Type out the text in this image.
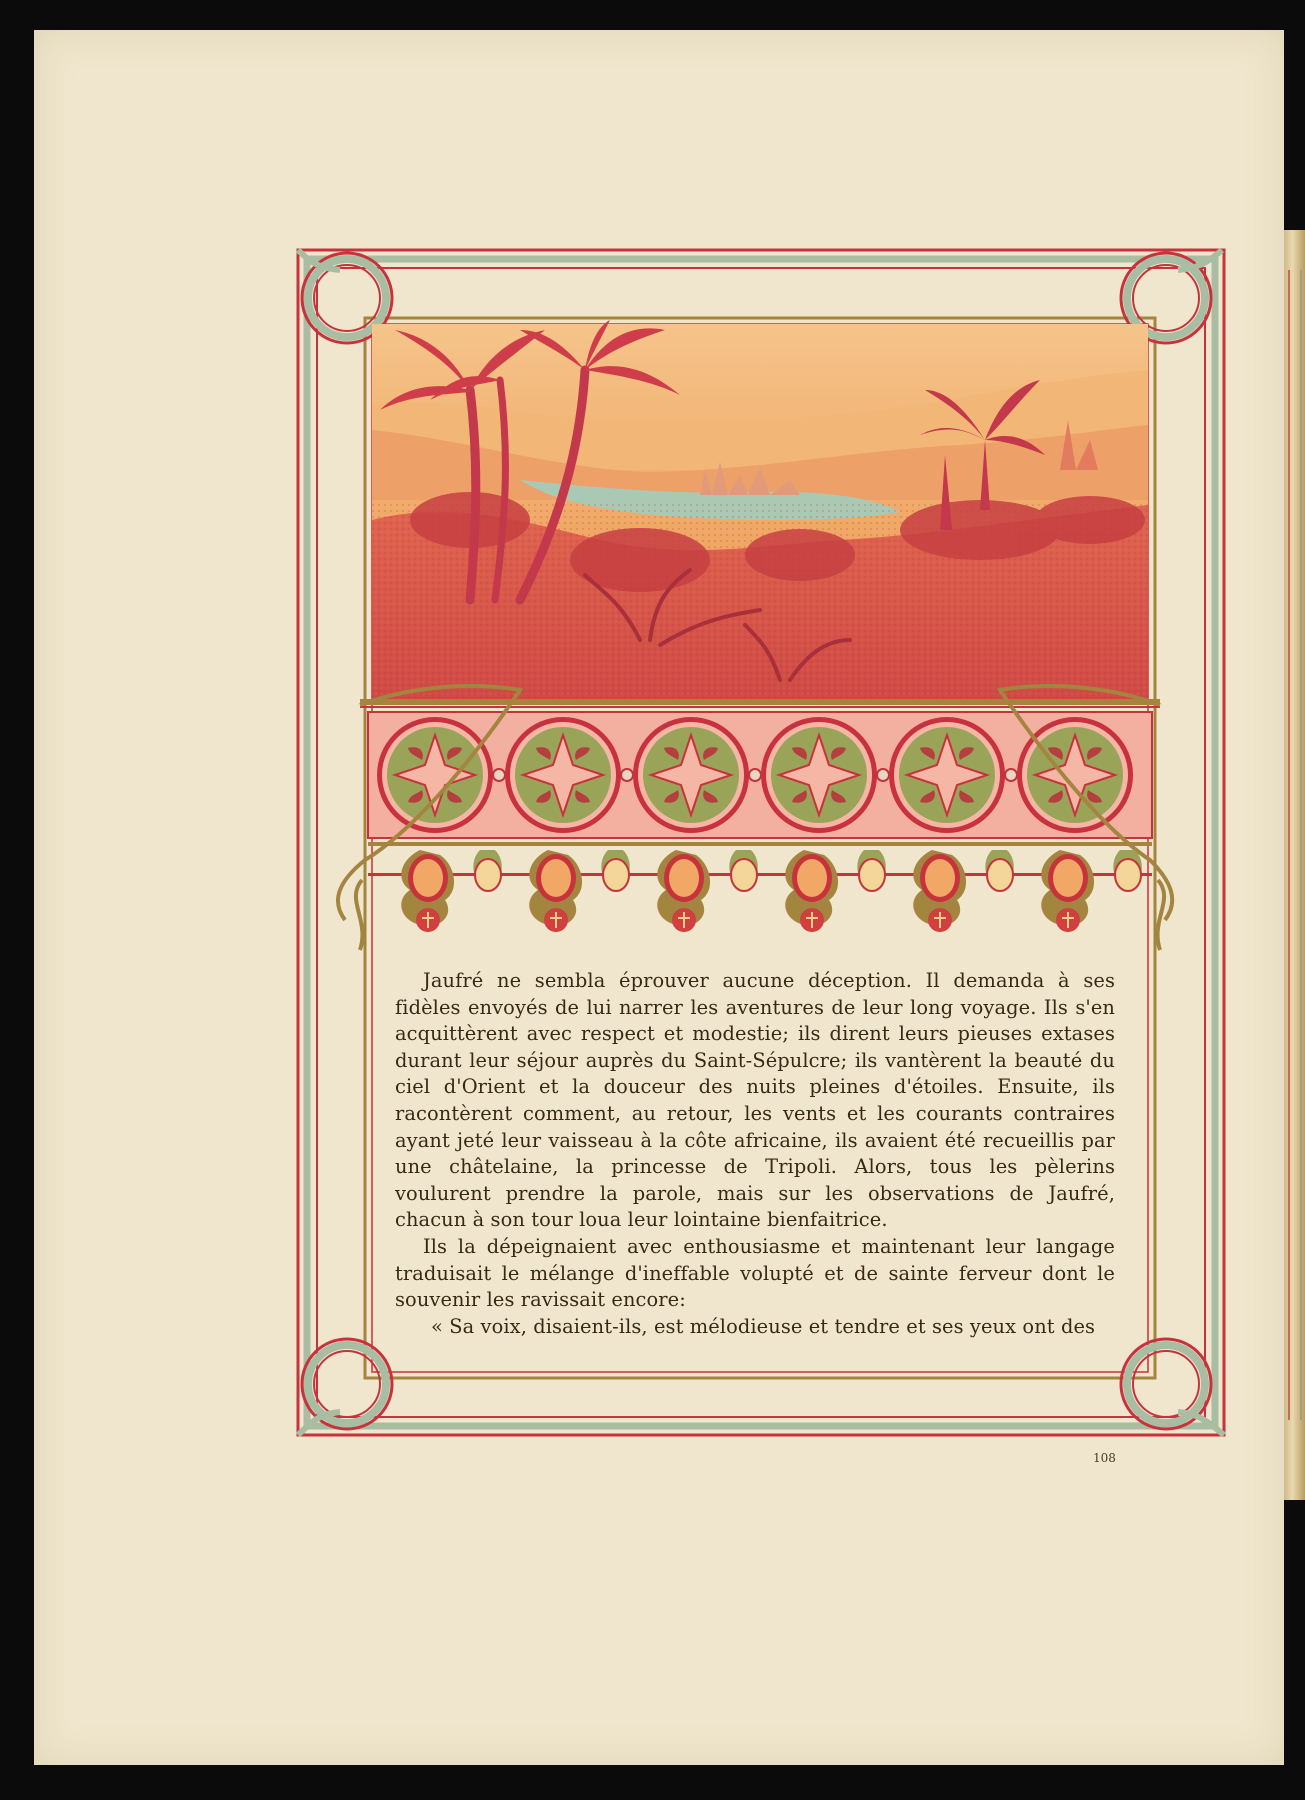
Jaufré ne sembla éprouver aucune déception. Il demanda à ses fidèles envoyés de lui narrer les aventures de leur long voyage. Ils s'en acquittèrent avec respect et modestie; ils dirent leurs pieuses extases durant leur séjour auprès du Saint-Sépulcre; ils vantèrent la beauté du ciel d'Orient et la douceur des nuits pleines d'étoiles. Ensuite, ils racontèrent comment, au retour, les vents et les courants contraires ayant jeté leur vaisseau à la côte africaine, ils avaient été recueillis par une châtelaine, la princesse de Tripoli. Alors, tous les pèlerins voulurent prendre la parole, mais sur les observations de Jaufré, chacun à son tour loua leur lointaine bienfaitrice.

Ils la dépeignaient avec enthousiasme et maintenant leur langage traduisait le mélange d'ineffable volupté et de sainte ferveur dont le souvenir les ravissait encore:

« Sa voix, disaient-ils, est mélodieuse et tendre et ses yeux ont des

108
